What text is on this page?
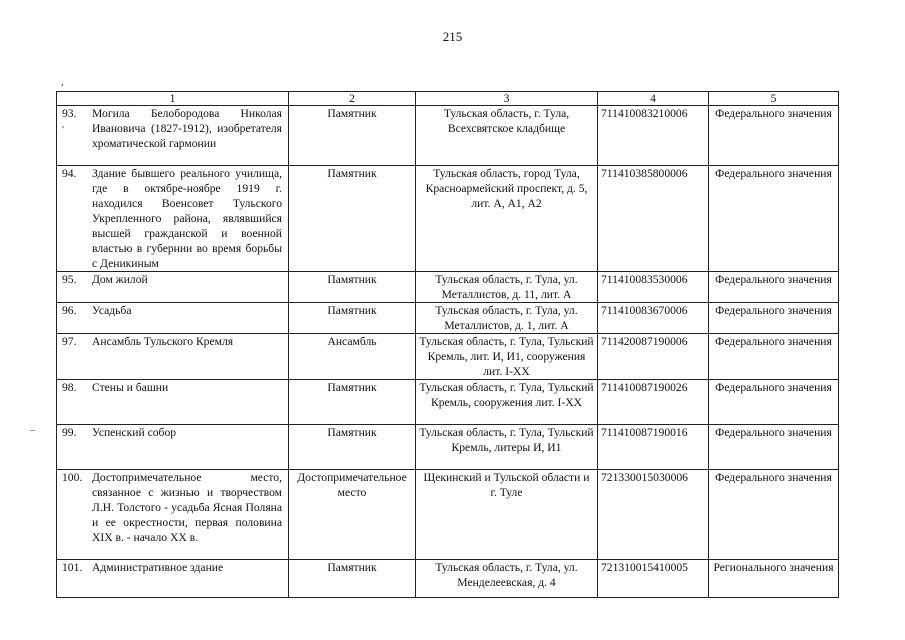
215
,
'
–
1	2	3	4	5

93. Могила Белобородова Николая Ивановича (1827-1912), изобретателя хроматической гармонии	Памятник	Тульская область, г. Тула, Всехсвятское кладбище	711410083210006	Федерального значения

94. Здание бывшего реального училища, где в октябре-ноябре 1919 г. находился Военсовет Тульского Укрепленного района, являвшийся высшей гражданской и военной властью в губернии во время борьбы с Деникиным	Памятник	Тульская область, город Тула, Красноармейский проспект, д. 5, лит. А, А1, А2	711410385800006	Федерального значения

95. Дом жилой	Памятник	Тульская область, г. Тула, ул. Металлистов, д. 11, лит. А	711410083530006	Федерального значения

96. Усадьба	Памятник	Тульская область, г. Тула, ул. Металлистов, д. 1, лит. А	711410083670006	Федерального значения

97. Ансамбль Тульского Кремля	Ансамбль	Тульская область, г. Тула, Тульский Кремль, лит. И, И1, сооружения лит. I-XX	711420087190006	Федерального значения

98. Стены и башни	Памятник	Тульская область, г. Тула, Тульский Кремль, сооружения лит. I-XX	711410087190026	Федерального значения

99. Успенский собор	Памятник	Тульская область, г. Тула, Тульский Кремль, литеры И, И1	711410087190016	Федерального значения

100. Достопримечательное место, связанное с жизнью и творчеством Л.Н. Толстого - усадьба Ясная Поляна и ее окрестности, первая половина XIX в. - начало XX в.	Достопримечательное место	Щекинский и Тульской области и г. Туле	721330015030006	Федерального значения

101. Административное здание	Памятник	Тульская область, г. Тула, ул. Менделеевская, д. 4	721310015410005	Регионального значения
